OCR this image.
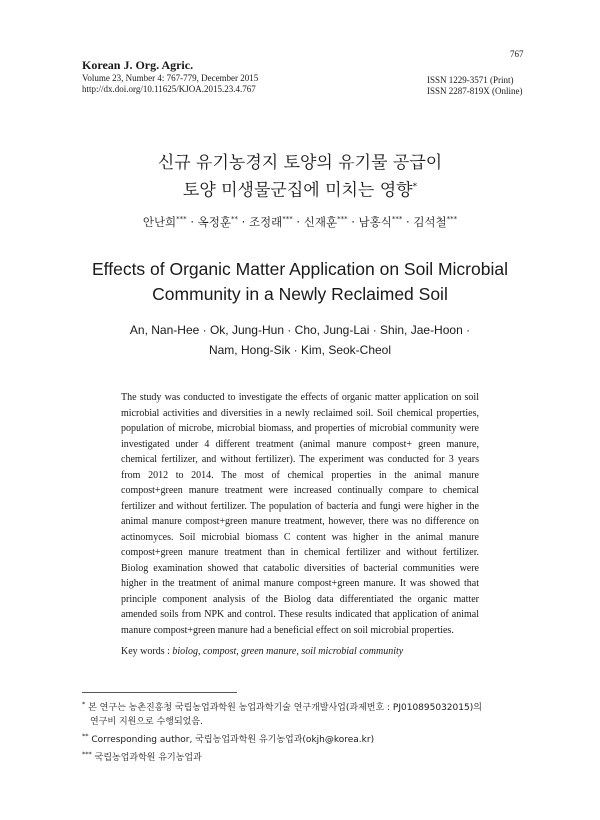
Korean J. Org. Agric.
Volume 23, Number 4: 767-779, December 2015
http://dx.doi.org/10.11625/KJOA.2015.23.4.767
767
ISSN 1229-3571 (Print)
ISSN 2287-819X (Online)
신규 유기농경지 토양의 유기물 공급이
토양 미생물군집에 미치는 영향*
안난희*** · 옥정훈** · 조정래*** · 신재훈*** · 남홍식*** · 김석철***
Effects of Organic Matter Application on Soil Microbial
Community in a Newly Reclaimed Soil
An, Nan-Hee · Ok, Jung-Hun · Cho, Jung-Lai · Shin, Jae-Hoon ·
Nam, Hong-Sik · Kim, Seok-Cheol
The study was conducted to investigate the effects of organic matter application on soil microbial activities and diversities in a newly reclaimed soil. Soil chemical properties, population of microbe, microbial biomass, and properties of microbial community were investigated under 4 different treatment (animal manure compost+ green manure, chemical fertilizer, and without fertilizer). The experiment was conducted for 3 years from 2012 to 2014. The most of chemical properties in the animal manure compost+green manure treatment were increased continually compare to chemical fertilizer and without fertilizer. The population of bacteria and fungi were higher in the animal manure compost+green manure treatment, however, there was no difference on actinomyces. Soil microbial biomass C content was higher in the animal manure compost+green manure treatment than in chemical fertilizer and without fertilizer. Biolog examination showed that catabolic diversities of bacterial communities were higher in the treatment of animal manure compost+green manure. It was showed that principle component analysis of the Biolog data differentiated the organic matter amended soils from NPK and control. These results indicated that application of animal manure compost+green manure had a beneficial effect on soil microbial properties.
Key words : biolog, compost, green manure, soil microbial community
* 본 연구는 농촌진흥청 국립농업과학원 농업과학기술 연구개발사업(과제번호 : PJ010895032015)의
연구비 지원으로 수행되었음.
** Corresponding author, 국립농업과학원 유기농업과(okjh@korea.kr)
*** 국립농업과학원 유기농업과
